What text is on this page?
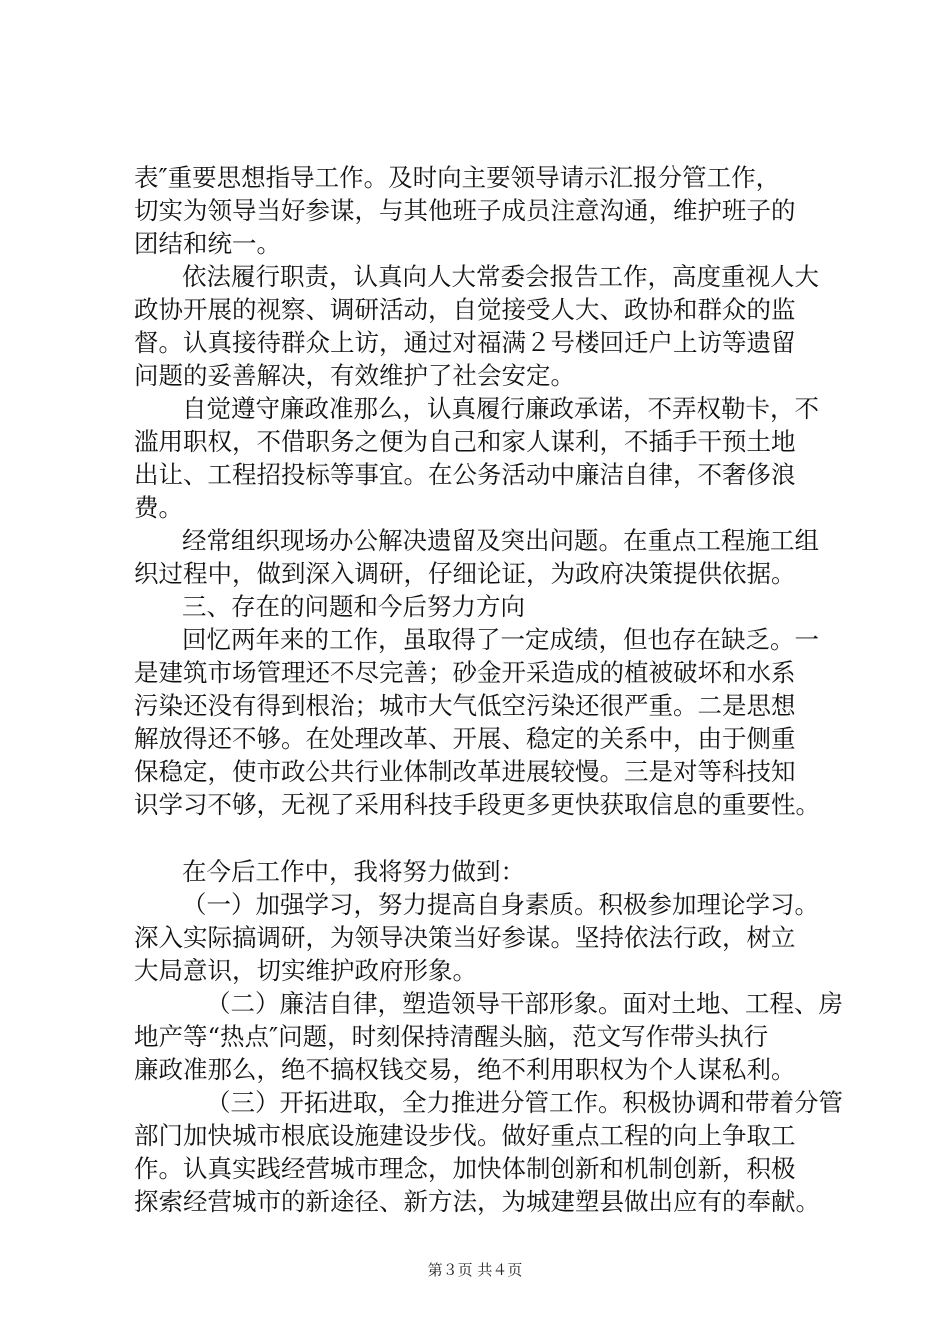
表″重要思想指导工作。及时向主要领导请示汇报分管工作，
切实为领导当好参谋，与其他班子成员注意沟通，维护班子的
团结和统一。
依法履行职责，认真向人大常委会报告工作，高度重视人大
政协开展的视察、调研活动，自觉接受人大、政协和群众的监
督。认真接待群众上访，通过对福满２号楼回迁户上访等遗留
问题的妥善解决，有效维护了社会安定。
自觉遵守廉政准那么，认真履行廉政承诺，不弄权勒卡，不
滥用职权，不借职务之便为自己和家人谋利，不插手干预土地
出让、工程招投标等事宜。在公务活动中廉洁自律，不奢侈浪
费。
经常组织现场办公解决遗留及突出问题。在重点工程施工组
织过程中，做到深入调研，仔细论证，为政府决策提供依据。
三、存在的问题和今后努力方向
回忆两年来的工作，虽取得了一定成绩，但也存在缺乏。一
是建筑市场管理还不尽完善；砂金开采造成的植被破坏和水系
污染还没有得到根治；城市大气低空污染还很严重。二是思想
解放得还不够。在处理改革、开展、稳定的关系中，由于侧重
保稳定，使市政公共行业体制改革进展较慢。三是对等科技知
识学习不够，无视了采用科技手段更多更快获取信息的重要性。
在今后工作中，我将努力做到：
（一）加强学习，努力提高自身素质。积极参加理论学习。
深入实际搞调研，为领导决策当好参谋。坚持依法行政，树立
大局意识，切实维护政府形象。
（二）廉洁自律，塑造领导干部形象。面对土地、工程、房
地产等“热点″问题，时刻保持清醒头脑，范文写作带头执行
廉政准那么，绝不搞权钱交易，绝不利用职权为个人谋私利。
（三）开拓进取，全力推进分管工作。积极协调和带着分管
部门加快城市根底设施建设步伐。做好重点工程的向上争取工
作。认真实践经营城市理念，加快体制创新和机制创新，积极
探索经营城市的新途径、新方法，为城建塑县做出应有的奉献。
第３页 共４页
